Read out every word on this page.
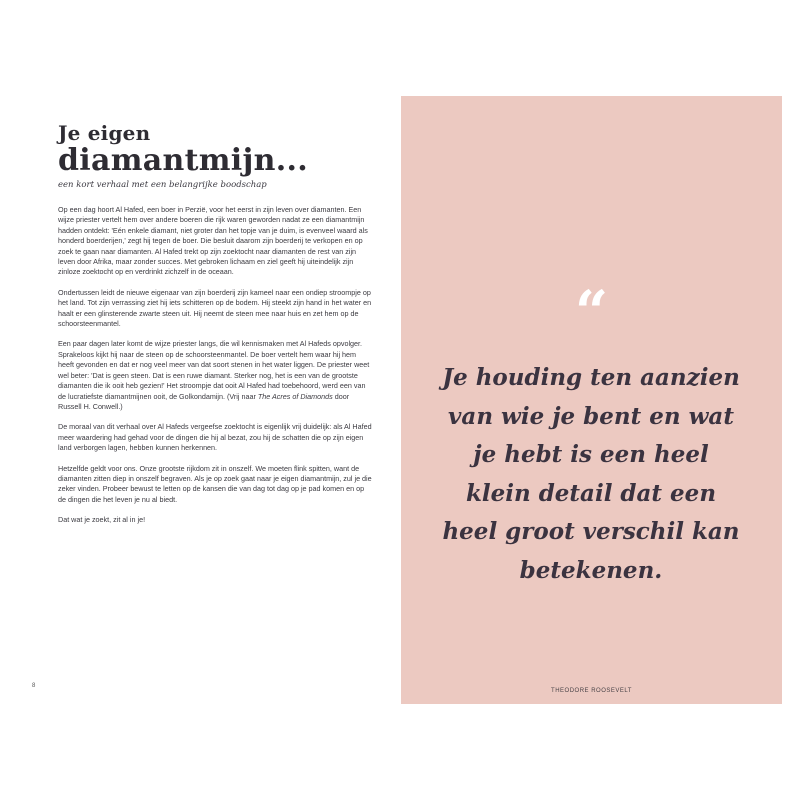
Je eigen
diamantmijn...
een kort verhaal met een belangrijke boodschap

Op een dag hoort Al Hafed, een boer in Perzië, voor het eerst in zijn leven over diamanten. Een wijze priester vertelt hem over andere boeren die rijk waren geworden nadat ze een diamantmijn hadden ontdekt: 'Eén enkele diamant, niet groter dan het topje van je duim, is evenveel waard als honderd boerderijen,' zegt hij tegen de boer. Die besluit daarom zijn boerderij te verkopen en op zoek te gaan naar diamanten. Al Hafed trekt op zijn zoektocht naar diamanten de rest van zijn leven door Afrika, maar zonder succes. Met gebroken lichaam en ziel geeft hij uiteindelijk zijn zinloze zoektocht op en verdrinkt zichzelf in de oceaan.

Ondertussen leidt de nieuwe eigenaar van zijn boerderij zijn kameel naar een ondiep stroompje op het land. Tot zijn verrassing ziet hij iets schitteren op de bodem. Hij steekt zijn hand in het water en haalt er een glinsterende zwarte steen uit. Hij neemt de steen mee naar huis en zet hem op de schoorsteenmantel.

Een paar dagen later komt de wijze priester langs, die wil kennismaken met Al Hafeds opvolger. Sprakeloos kijkt hij naar de steen op de schoorsteenmantel. De boer vertelt hem waar hij hem heeft gevonden en dat er nog veel meer van dat soort stenen in het water liggen. De priester weet wel beter: 'Dat is geen steen. Dat is een ruwe diamant. Sterker nog, het is een van de grootste diamanten die ik ooit heb gezien!' Het stroompje dat ooit Al Hafed had toebehoord, werd een van de lucratiefste diamantmijnen ooit, de Golkondamijn. (Vrij naar The Acres of Diamonds door Russell H. Conwell.)

De moraal van dit verhaal over Al Hafeds vergeefse zoektocht is eigenlijk vrij duidelijk: als Al Hafed meer waardering had gehad voor de dingen die hij al bezat, zou hij de schatten die op zijn eigen land verborgen lagen, hebben kunnen herkennen.

Hetzelfde geldt voor ons. Onze grootste rijkdom zit in onszelf. We moeten flink spitten, want de diamanten zitten diep in onszelf begraven. Als je op zoek gaat naar je eigen diamantmijn, zul je die zeker vinden. Probeer bewust te letten op de kansen die van dag tot dag op je pad komen en op de dingen die het leven je nu al biedt.

Dat wat je zoekt, zit al in je!

8
“
Je houding ten aanzien van wie je bent en wat je hebt is een heel klein detail dat een heel groot verschil kan betekenen.
THEODORE ROOSEVELT
